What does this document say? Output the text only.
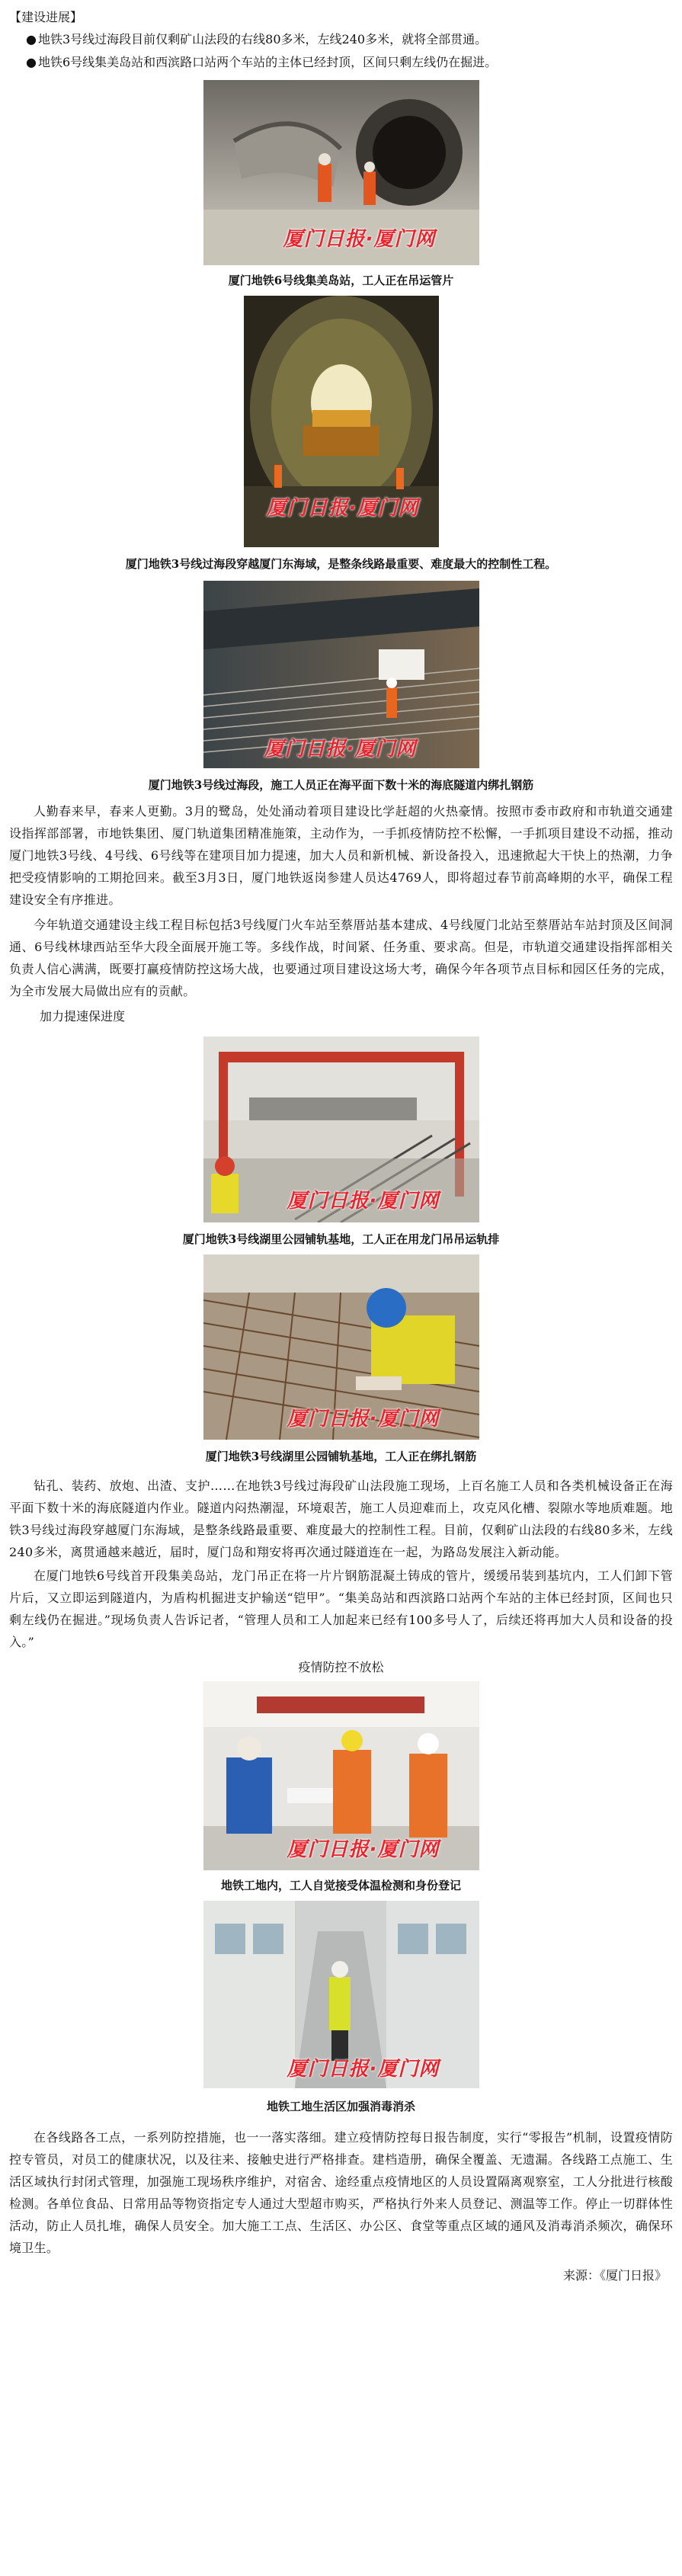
【建设进展】

● 地铁3号线过海段目前仅剩矿山法段的右线80多米，左线240多米，就将全部贯通。

● 地铁6号线集美岛站和西滨路口站两个车站的主体已经封顶，区间只剩左线仍在掘进。

厦门日报·厦门网

厦门地铁6号线集美岛站，工人正在吊运管片

厦门日报·厦门网

厦门地铁3号线过海段穿越厦门东海域，是整条线路最重要、难度最大的控制性工程。

厦门日报·厦门网

厦门地铁3号线过海段，施工人员正在海平面下数十米的海底隧道内绑扎钢筋

人勤春来早，春来人更勤。3月的鹭岛，处处涌动着项目建设比学赶超的火热豪情。按照市委市政府和市轨道交通建设指挥部部署，市地铁集团、厦门轨道集团精准施策，主动作为，一手抓疫情防控不松懈，一手抓项目建设不动摇，推动厦门地铁3号线、4号线、6号线等在建项目加力提速，加大人员和新机械、新设备投入，迅速掀起大干快上的热潮，力争把受疫情影响的工期抢回来。截至3月3日，厦门地铁返岗参建人员达4769人，即将超过春节前高峰期的水平，确保工程建设安全有序推进。

今年轨道交通建设主线工程目标包括3号线厦门火车站至蔡厝站基本建成、4号线厦门北站至蔡厝站车站封顶及区间洞通、6号线林埭西站至华大段全面展开施工等。多线作战，时间紧、任务重、要求高。但是，市轨道交通建设指挥部相关负责人信心满满，既要打赢疫情防控这场大战，也要通过项目建设这场大考，确保今年各项节点目标和园区任务的完成，为全市发展大局做出应有的贡献。

加力提速保进度

厦门日报·厦门网

厦门地铁3号线湖里公园铺轨基地，工人正在用龙门吊吊运轨排

厦门日报·厦门网

厦门地铁3号线湖里公园铺轨基地，工人正在绑扎钢筋

钻孔、装药、放炮、出渣、支护……在地铁3号线过海段矿山法段施工现场，上百名施工人员和各类机械设备正在海平面下数十米的海底隧道内作业。隧道内闷热潮湿，环境艰苦，施工人员迎难而上，攻克风化槽、裂隙水等地质难题。地铁3号线过海段穿越厦门东海域，是整条线路最重要、难度最大的控制性工程。目前，仅剩矿山法段的右线80多米，左线240多米，离贯通越来越近，届时，厦门岛和翔安将再次通过隧道连在一起，为路岛发展注入新动能。

在厦门地铁6号线首开段集美岛站，龙门吊正在将一片片钢筋混凝土铸成的管片，缓缓吊装到基坑内，工人们卸下管片后，又立即运到隧道内，为盾构机掘进支护输送“铠甲”。“集美岛站和西滨路口站两个车站的主体已经封顶，区间也只剩左线仍在掘进。”现场负责人告诉记者，“管理人员和工人加起来已经有100多号人了，后续还将再加大人员和设备的投入。”

疫情防控不放松

厦门日报·厦门网

地铁工地内，工人自觉接受体温检测和身份登记

厦门日报·厦门网

地铁工地生活区加强消毒消杀

在各线路各工点，一系列防控措施，也一一落实落细。建立疫情防控每日报告制度，实行“零报告”机制，设置疫情防控专管员，对员工的健康状况，以及往来、接触史进行严格排查。建档造册，确保全覆盖、无遗漏。各线路工点施工、生活区域执行封闭式管理，加强施工现场秩序维护，对宿舍、途经重点疫情地区的人员设置隔离观察室，工人分批进行核酸检测。各单位食品、日常用品等物资指定专人通过大型超市购买，严格执行外来人员登记、测温等工作。停止一切群体性活动，防止人员扎堆，确保人员安全。加大施工工点、生活区、办公区、食堂等重点区域的通风及消毒消杀频次，确保环境卫生。

来源：《厦门日报》
